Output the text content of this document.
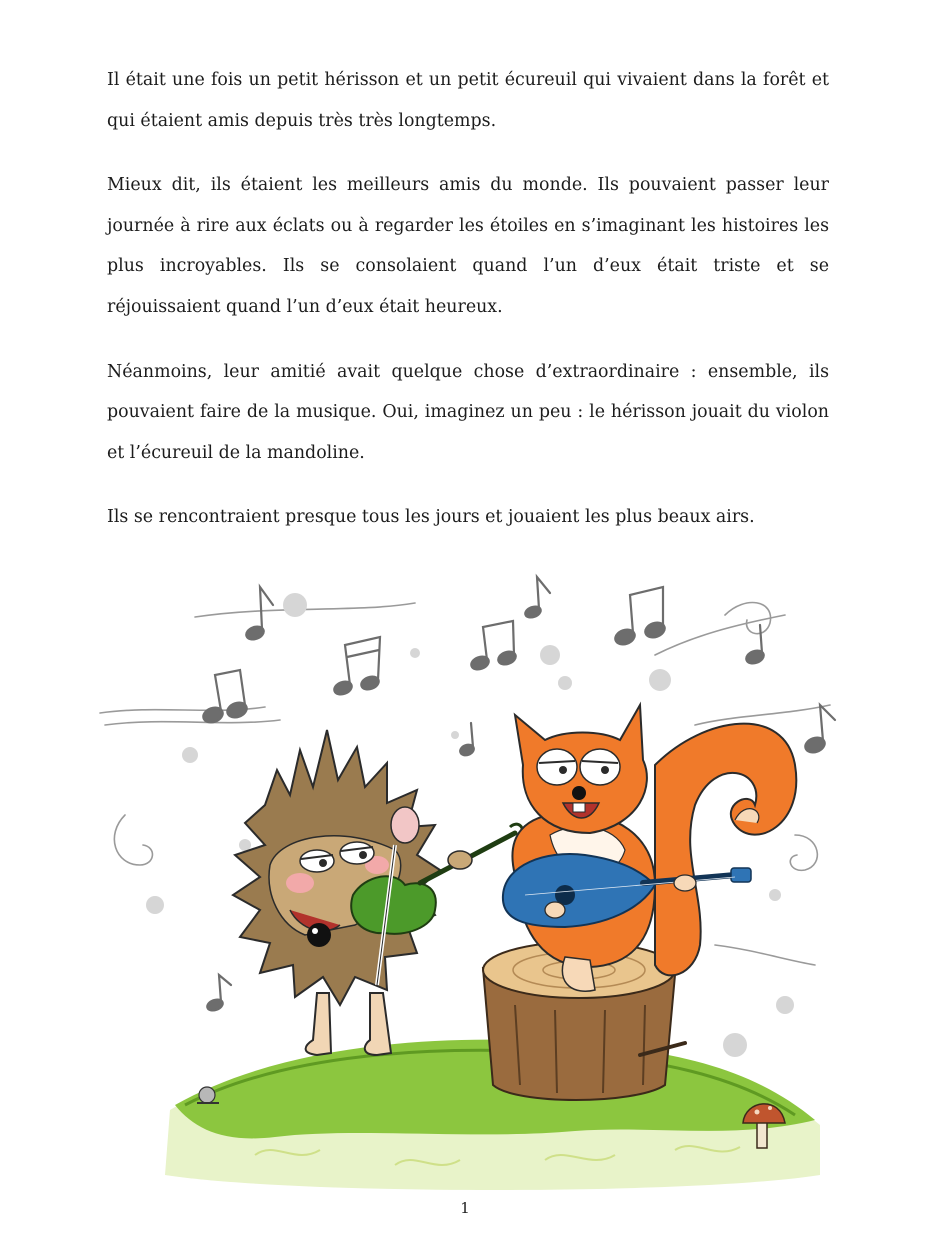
Il était une fois un petit hérisson et un petit écureuil qui vivaient dans la forêt et qui étaient amis depuis très très longtemps.

Mieux dit, ils étaient les meilleurs amis du monde. Ils pouvaient passer leur journée à rire aux éclats ou à regarder les étoiles en s’imaginant les histoires les plus incroyables. Ils se consolaient quand l’un d’eux était triste et se réjouissaient quand l’un d’eux était heureux.

Néanmoins, leur amitié avait quelque chose d’extraordinaire : ensemble, ils pouvaient faire de la musique. Oui, imaginez un peu : le hérisson jouait du violon et l’écureuil de la mandoline.

Ils se rencontraient presque tous les jours et jouaient les plus beaux airs.

1
